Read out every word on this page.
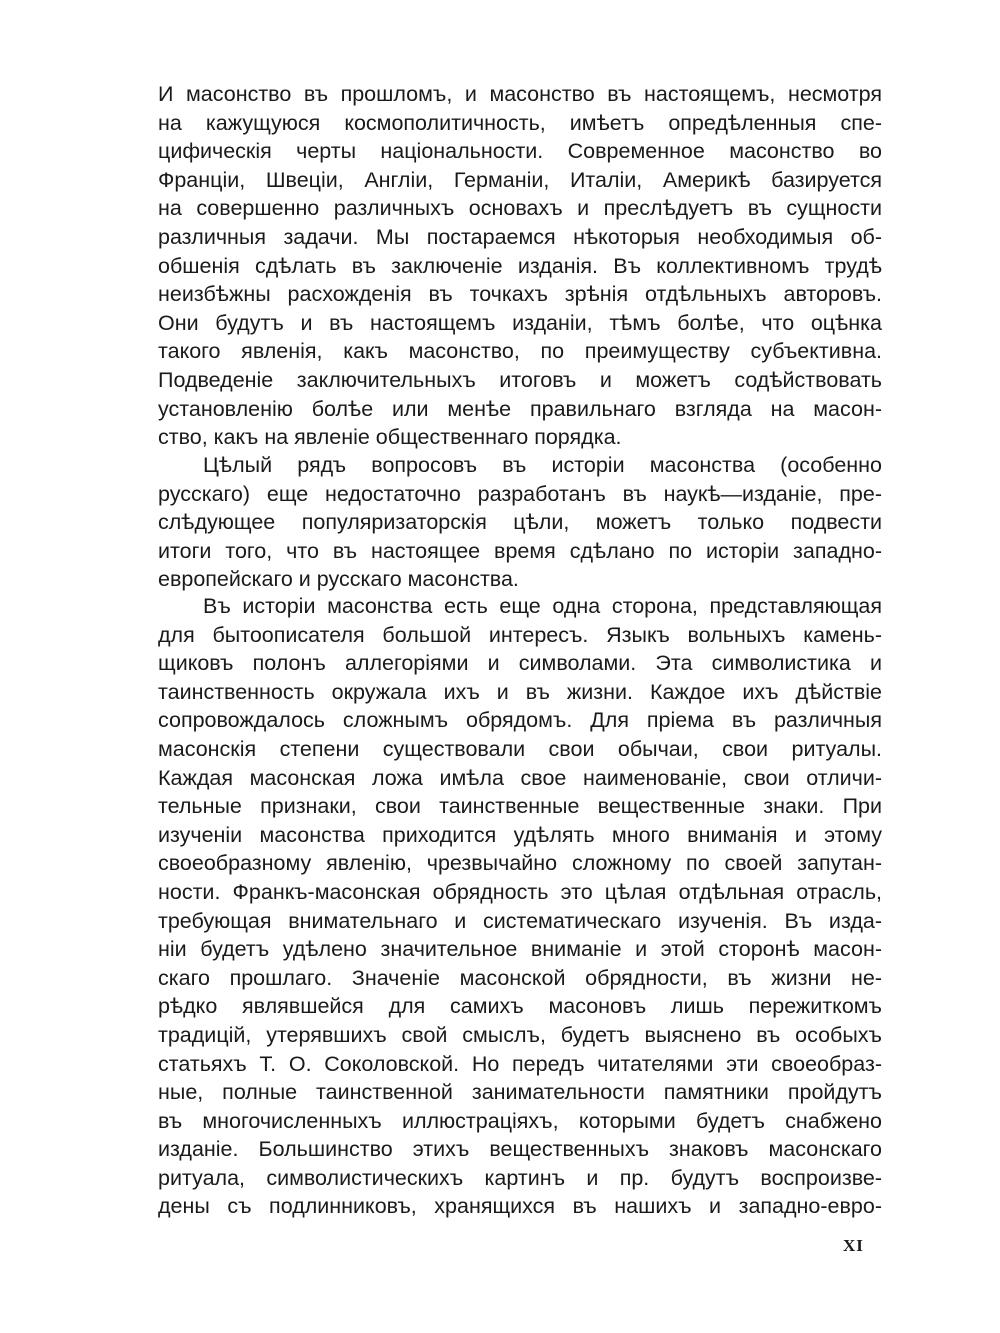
И масонство въ прошломъ, и масонство въ настоящемъ, несмотря
на кажущуюся космополитичность, имѣетъ опредѣленныя спе-
цифическія черты національности. Современное масонство во
Франціи, Швеціи, Англіи, Германіи, Италіи, Америкѣ базируется
на совершенно различныхъ основахъ и преслѣдуетъ въ сущности
различныя задачи. Мы постараемся нѣкоторыя необходимыя об-
обшенія сдѣлать въ заключеніе изданія. Въ коллективномъ трудѣ
неизбѣжны расхожденія въ точкахъ зрѣнія отдѣльныхъ авторовъ.
Они будутъ и въ настоящемъ изданіи, тѣмъ болѣе, что оцѣнка
такого явленія, какъ масонство, по преимуществу субъективна.
Подведеніе заключительныхъ итоговъ и можетъ содѣйствовать
установленію болѣе или менѣе правильнаго взгляда на масон-
ство, какъ на явленіе общественнаго порядка.
Цѣлый рядъ вопросовъ въ исторіи масонства (особенно
русскаго) еще недостаточно разработанъ въ наукѣ—изданіе, пре-
слѣдующее популяризаторскія цѣли, можетъ только подвести
итоги того, что въ настоящее время сдѣлано по исторіи западно-
европейскаго и русскаго масонства.
Въ исторіи масонства есть еще одна сторона, представляющая
для бытоописателя большой интересъ. Языкъ вольныхъ камень-
щиковъ полонъ аллегоріями и символами. Эта символистика и
таинственность окружала ихъ и въ жизни. Каждое ихъ дѣйствіе
сопровождалось сложнымъ обрядомъ. Для пріема въ различныя
масонскія степени существовали свои обычаи, свои ритуалы.
Каждая масонская ложа имѣла свое наименованіе, свои отличи-
тельные признаки, свои таинственные вещественные знаки. При
изученіи масонства приходится удѣлять много вниманія и этому
своеобразному явленію, чрезвычайно сложному по своей запутан-
ности. Франкъ-масонская обрядность это цѣлая отдѣльная отрасль,
требующая внимательнаго и систематическаго изученія. Въ изда-
ніи будетъ удѣлено значительное вниманіе и этой сторонѣ масон-
скаго прошлаго. Значеніе масонской обрядности, въ жизни не-
рѣдко являвшейся для самихъ масоновъ лишь пережиткомъ
традицій, утерявшихъ свой смыслъ, будетъ выяснено въ особыхъ
статьяхъ Т. О. Соколовской. Но передъ читателями эти своеобраз-
ные, полные таинственной занимательности памятники пройдутъ
въ многочисленныхъ иллюстраціяхъ, которыми будетъ снабжено
изданіе. Большинство этихъ вещественныхъ знаковъ масонскаго
ритуала, символистическихъ картинъ и пр. будутъ воспроизве-
дены съ подлинниковъ, хранящихся въ нашихъ и западно-евро-
XI
